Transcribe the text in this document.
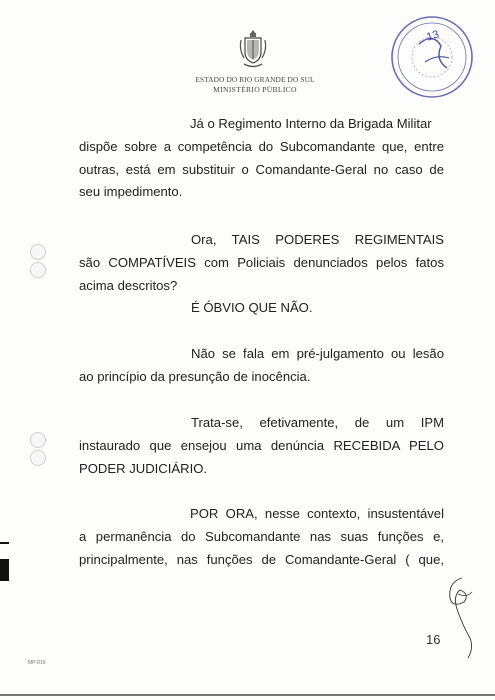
ESTADO DO RIO GRANDE DO SUL
MINISTÉRIO PÚBLICO
13

Já o Regimento Interno da Brigada Militar

dispõe sobre a competência do Subcomandante que, entre

outras, está em substituir o Comandante-Geral no caso de

seu impedimento.

Ora, TAIS PODERES REGIMENTAIS

são COMPATÍVEIS com Policiais denunciados pelos fatos

acima descritos?

É ÓBVIO QUE NÃO.

Não se fala em pré-julgamento ou lesão

ao princípio da presunção de inocência.

Trata-se, efetivamente, de um IPM

instaurado que ensejou uma denúncia RECEBIDA PELO

PODER JUDICIÁRIO.

POR ORA, nesse contexto, insustentável

a permanência do Subcomandante nas suas funções e,

principalmente, nas funções de Comandante-Geral ( que,

16
MP-016
